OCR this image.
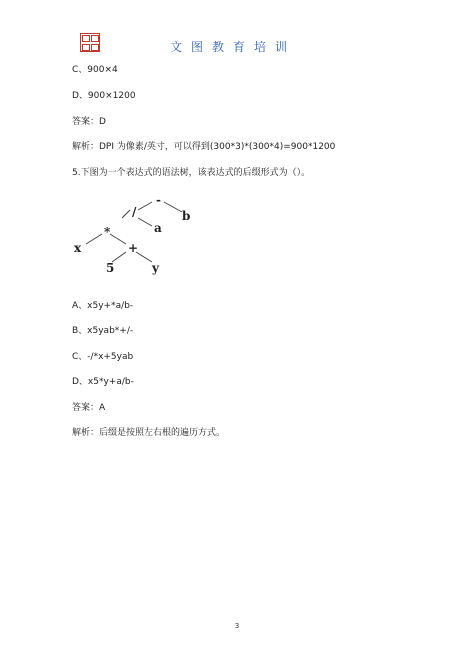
文图教育培训
C、900×4
D、900×1200
答案：D
解析：DPI 为像素/英寸，可以得到(300*3)*(300*4)=900*1200
5.下图为一个表达式的语法树，该表达式的后缀形式为（）。
-
/	b
*	a
x	+
5	y
A、x5y+*a/b-
B、x5yab*+/-
C、-/*x+5yab
D、x5*y+a/b-
答案：A
解析：后缀是按照左右根的遍历方式。
3
